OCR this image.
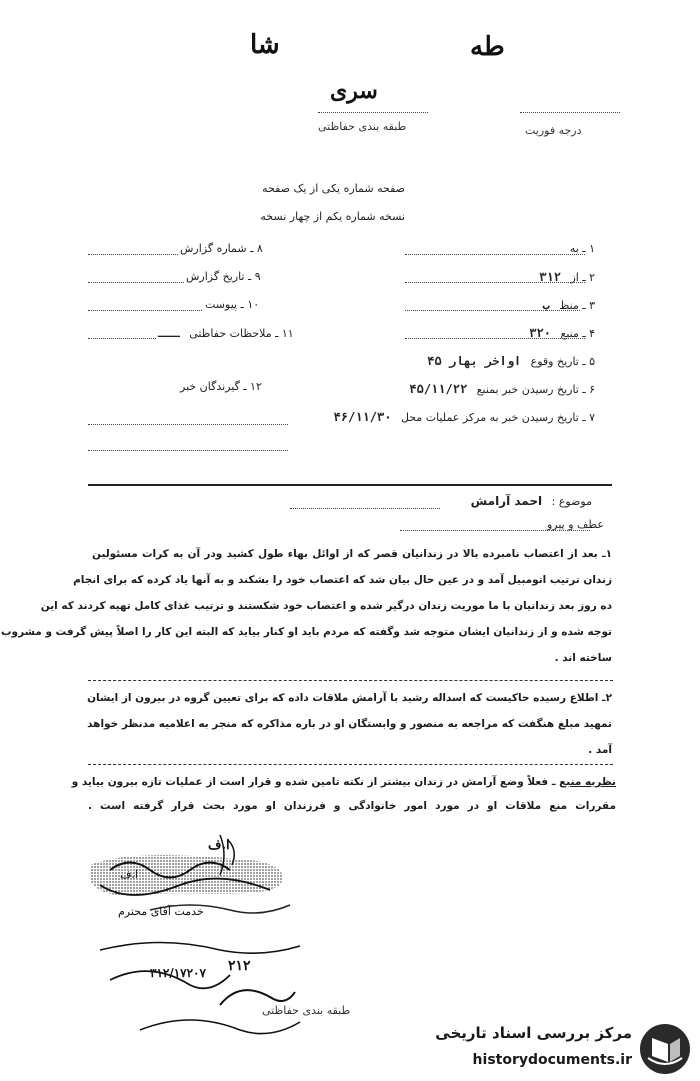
ﻃﻪ
ﺷﺎ
سری
طبقه بندی حفاظتی	درجه فوریت
صفحه شماره یکی از یک صفحه
نسخه شماره یکم از چهار نسخه
۸ ـ شماره گزارش
۹ ـ تاریخ گزارش
۱۰ ـ پیوست
۱۱ ـ ملاحظات حفاظتی ـــ
۱۲ ـ گیرندگان خبر
۱ ـ به
۲ ـ از ۳۱۲
۳ ـ منظ ب
۴ ـ منبع ۳۲۰
۵ ـ تاریخ وقوع اواخر بهار ۴۵
۶ ـ تاریخ رسیدن خبر بمنبع ۴۵/۱۱/۲۲
۷ ـ تاریخ رسیدن خبر به مرکز عملیات محل ۴۶/۱۱/۳۰
موضوع : احمد آرامش
عطف و پیرو
۱ـ بعد از اعتصاب نامبرده بالا در زندانیان قصر که از اوائل بهاء طول کشید ودر آن به کرات مسئولین
زندان ترتیب اتومبیل آمد و در عین حال بیان شد که اعتصاب خود را بشکند و به آنها یاد کرده که برای انجام
ده روز بعد زندانیان با ما موریت زندان درگیر شده و اعتصاب خود شکستند و ترتیب غذای کامل تهیه کردند که این
توجه شده و از زندانیان ایشان متوجه شد وگفته که مردم باید او کنار بیاید که البته این کار را اصلاً پیش گرفت و مشروب
ساخته اند .
۲ـ اطلاع رسیده حاکیست که اسداله رشید با آرامش ملاقات داده که برای تعیین گروه در بیرون از ایشان
تمهید مبلغ هنگفت که مراجعه به منصور و وابستگان او در باره مذاکره که منجر به اعلامیه مدنظر خواهد
آمد .
نظریه منبع ـ فعلاً وضع آرامش در زندان بیشتر از نکته تامین شده و قرار است از عملیات تازه بیرون بیاید و
مقررات منع ملاقات او در مورد امور خانوادگی و فرزندان او مورد بحث قرار گرفته است .
ا.ف
ا.ف
خدمت آقای محترم
۲۱۲
۳۱۲/۱۷۲۰۷
طبقه بندی حفاظتی
مرکز بررسی اسناد تاریخی
historydocuments.ir
